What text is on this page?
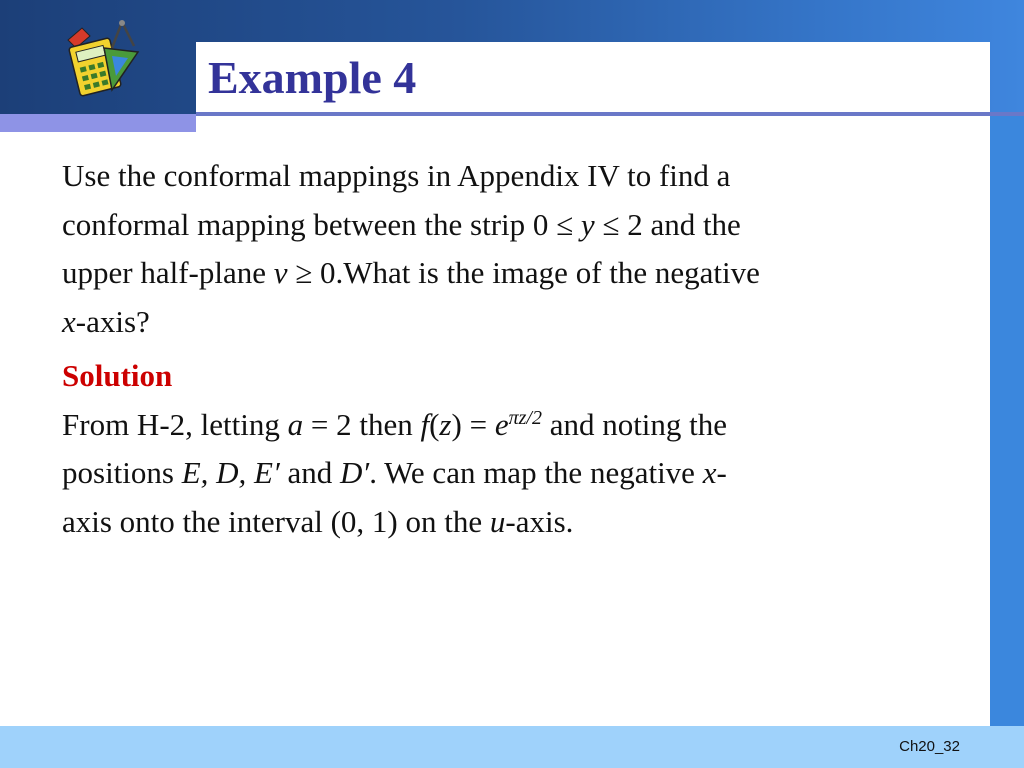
Example 4

Use the conformal mappings in Appendix IV to find a
conformal mapping between the strip 0 ≤ y ≤ 2 and the
upper half-plane v ≥ 0.What is the image of the negative
x-axis?

Solution

From H-2, letting a = 2 then $f(z) = e^{\pi z/2}$ and noting the
positions E, D, E′ and D′. We can map the negative x-
axis onto the interval (0, 1) on the u-axis.

Ch20_32
